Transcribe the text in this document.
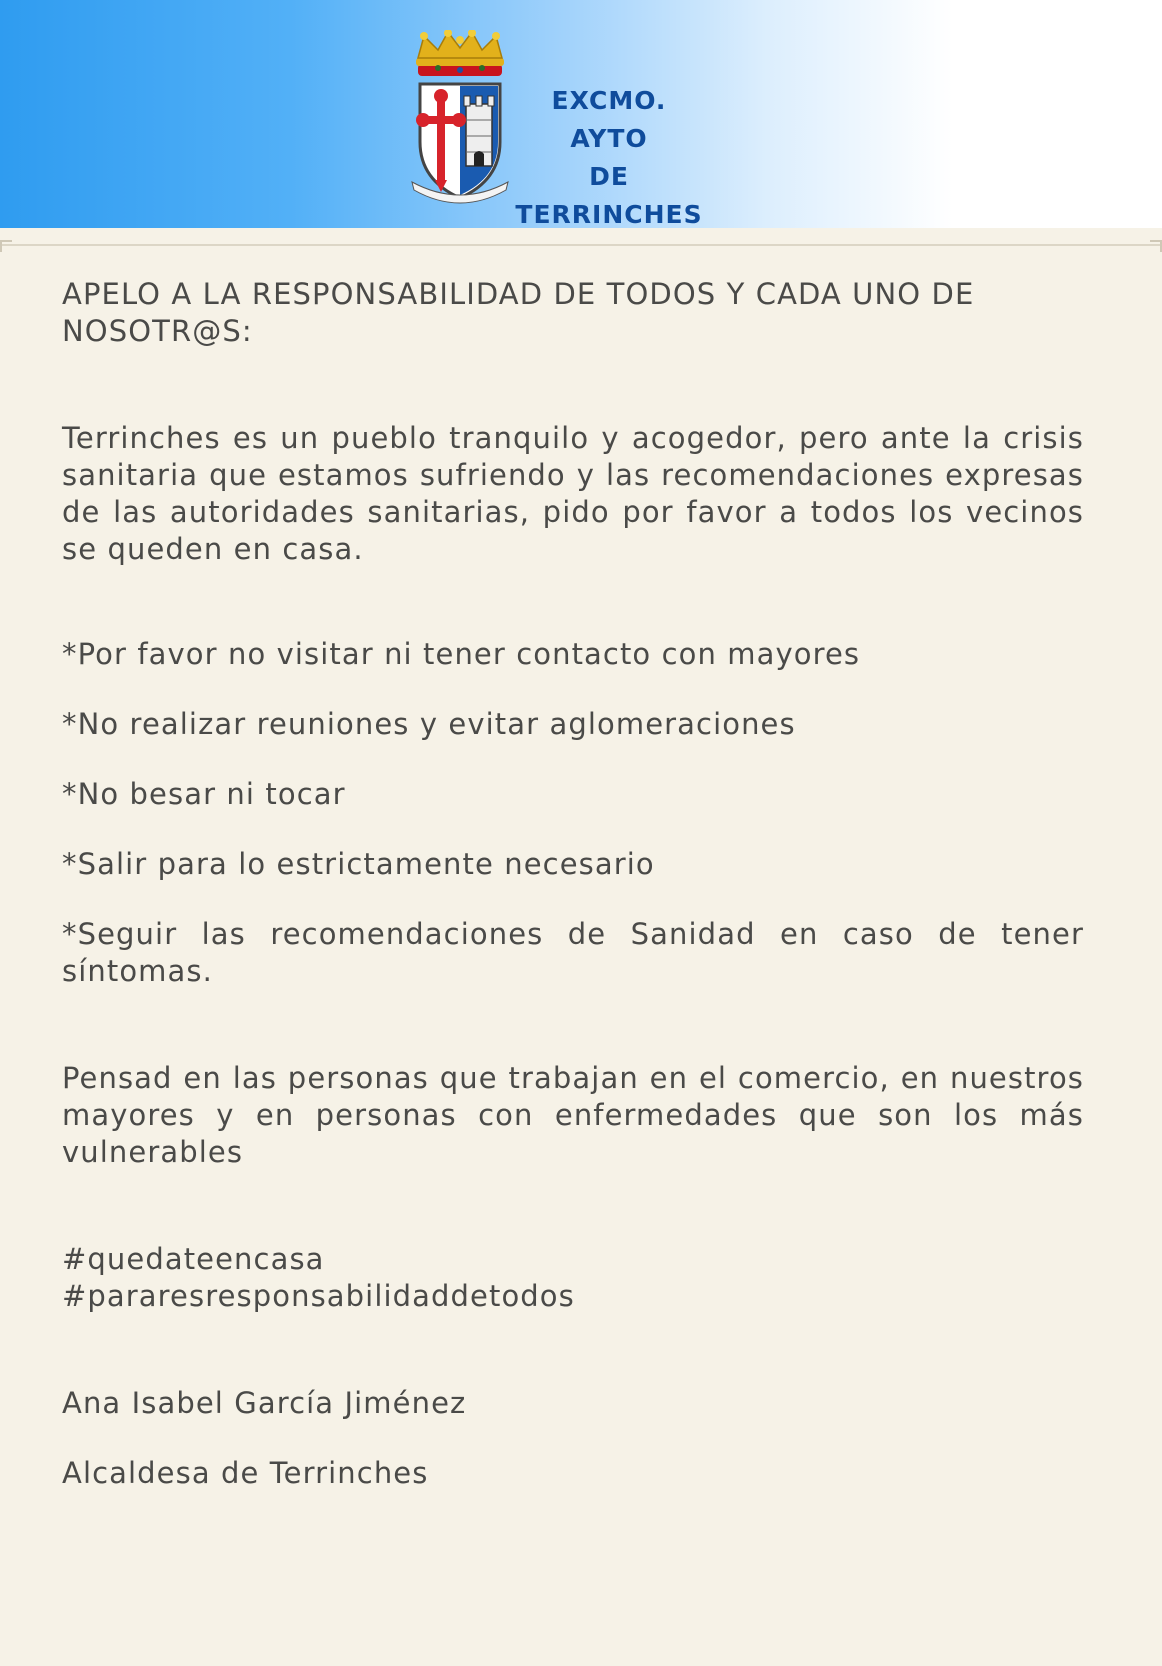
EXCMO. AYTO
DE
TERRINCHES

APELO A LA RESPONSABILIDAD DE TODOS Y CADA UNO DE NOSOTR@S:

Terrinches es un pueblo tranquilo y acogedor, pero ante la crisis sanitaria que estamos sufriendo y las recomendaciones expresas de las autoridades sanitarias, pido por favor a todos los vecinos se queden en casa.

*Por favor no visitar ni tener contacto con mayores

*No realizar reuniones y evitar aglomeraciones

*No besar ni tocar

*Salir para lo estrictamente necesario

*Seguir las recomendaciones de Sanidad en caso de tener síntomas.

Pensad en las personas que trabajan en el comercio, en nuestros mayores y en personas con enfermedades que son los más vulnerables

#quedateencasa

#pararesresponsabilidaddetodos

Ana Isabel García Jiménez

Alcaldesa de Terrinches
